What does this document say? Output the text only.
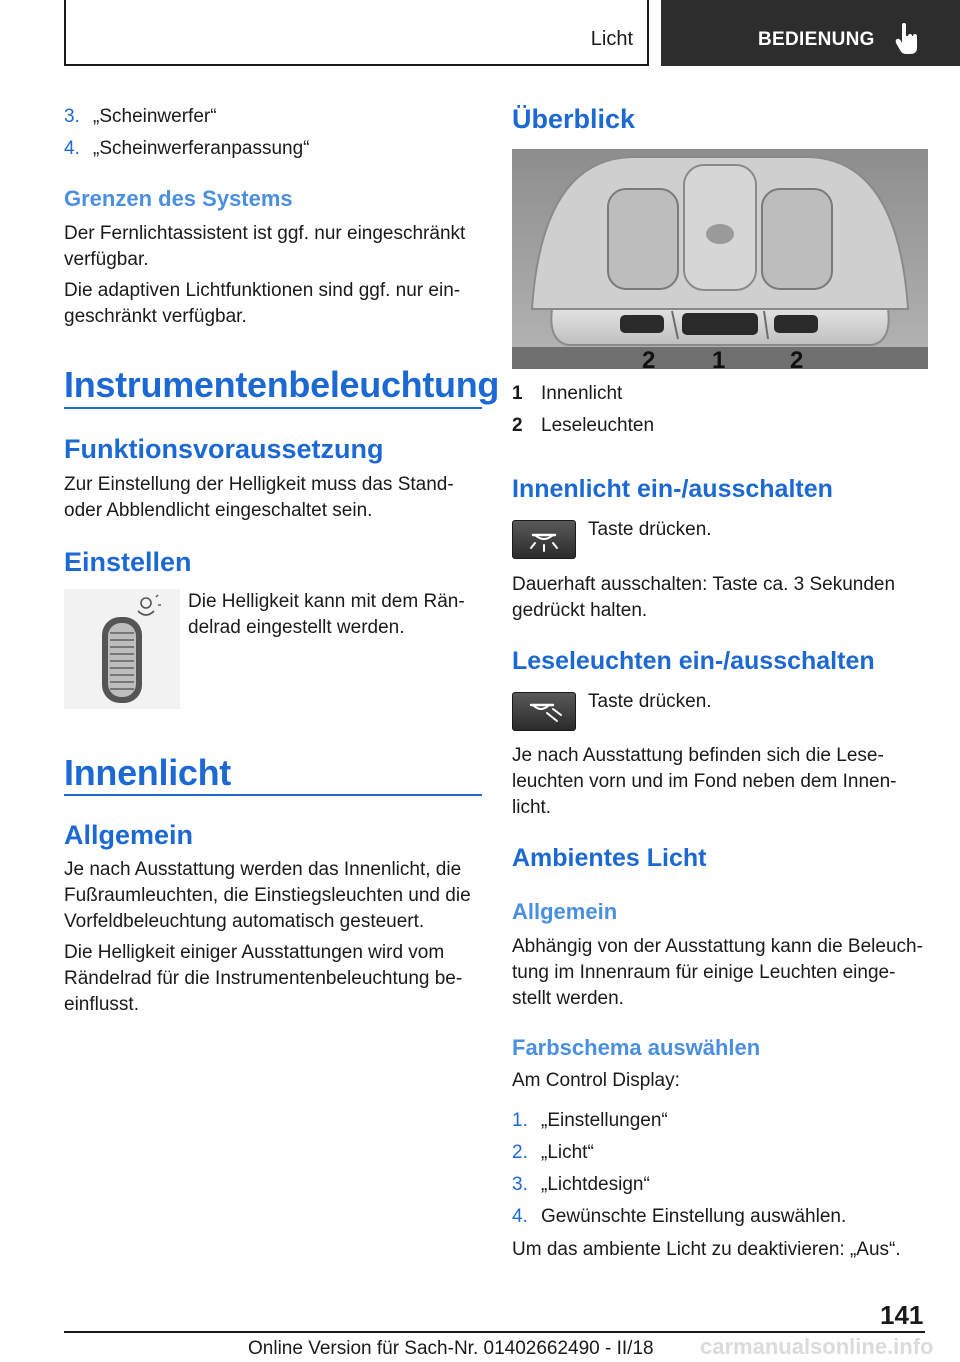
Licht	BEDIENUNG
3. „Scheinwerfer“
4. „Scheinwerferanpassung“
Grenzen des Systems
Der Fernlichtassistent ist ggf. nur eingeschränkt
verfügbar.
Die adaptiven Lichtfunktionen sind ggf. nur ein-
geschränkt verfügbar.
Instrumentenbeleuchtung
Funktionsvoraussetzung
Zur Einstellung der Helligkeit muss das Stand-
oder Abblendlicht eingeschaltet sein.
Einstellen
Die Helligkeit kann mit dem Rän-
delrad eingestellt werden.
Innenlicht
Allgemein
Je nach Ausstattung werden das Innenlicht, die
Fußraumleuchten, die Einstiegsleuchten und die
Vorfeldbeleuchtung automatisch gesteuert.
Die Helligkeit einiger Ausstattungen wird vom
Rändelrad für die Instrumentenbeleuchtung be-
einflusst.
Überblick
2 1	2
1 Innenlicht
2 Leseleuchten
Innenlicht ein-/ausschalten
Taste drücken.
Dauerhaft ausschalten: Taste ca. 3 Sekunden
gedrückt halten.
Leseleuchten ein-/ausschalten
Taste drücken.
Je nach Ausstattung befinden sich die Lese-
leuchten vorn und im Fond neben dem Innen-
licht.
Ambientes Licht
Allgemein
Abhängig von der Ausstattung kann die Beleuch-
tung im Innenraum für einige Leuchten einge-
stellt werden.
Farbschema auswählen
Am Control Display:
1. „Einstellungen“
2. „Licht“
3. „Lichtdesign“
4. Gewünschte Einstellung auswählen.
Um das ambiente Licht zu deaktivieren: „Aus“.
141
Online Version für Sach-Nr. 01402662490 - II/18 carmanualsonline.info
